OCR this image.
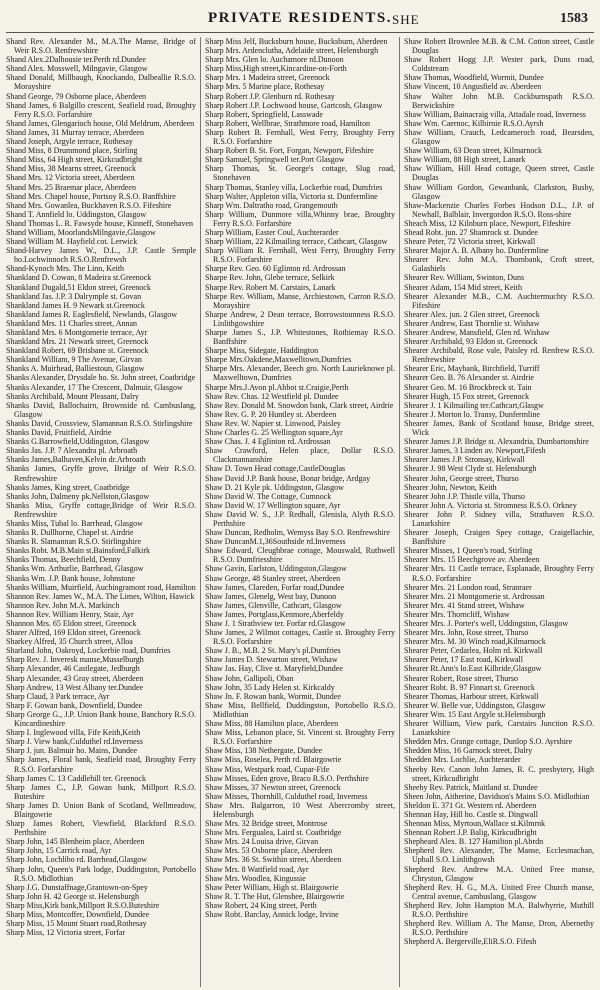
PRIVATE RESIDENTS. SHE	1583

Shand Rev. Alexander M., M.A.The Manse, Bridge of Weir R.S.O. Renfrewshire

Shand Alex.2Dalhousie ter.Perth rd.Dundee

Shand Alex. Mosswell, Milngavie, Glasgow

Shand Donald, Millbaugh, Knockando, Dalbeallie R.S.O. Morayshire

Shand George, 79 Osborne place, Aberdeen

Shand James, 6 Balgillo crescent, Seafield road, Broughty Ferry R.S.O. Forfarshire

Shand James, Glengarioch house, Old Meldrum, Aberdeen

Shand James, 31 Murray terrace, Aberdeen

Shand Joseph, Argyle terrace, Rothesay

Shand Miss, 8 Drummond place, Stirling

Shand Miss, 64 High street, Kirkcudbright

Shand Miss, 38 Mearns street, Greenock

Shand Mrs. 12 Victoria street, Aberdeen

Shand Mrs. 25 Braemar place, Aberdeen

Shand Mrs. Chapel house, Portsoy R.S.O. Banffshire

Shand Mrs. Gowanlea, Buckhaven R.S.O. Fifeshire

Shand T. Annfield lo. Uddingston, Glasgow

Shand Thomas L. R. Fawsyde house, Kinneff, Stonehaven

Shand William, MoorlandsMilngavie,Glasgow

Shand William M. Hayfield cot. Lerwick

Shand-Harvey James W., D.L., J.P. Castle Semple ho.Lochwinnoch R.S.O.Renfrewsh

Shand-Kynoch Mrs. The Linn, Keith

Shankland D. Cowan, 8 Madeira st.Greenock

Shankland Dugald,51 Eldon street, Greenock

Shankland Jas. J.P. 3 Dalrymple st. Govan

Shankland James H. 9 Newark st.Greenock

Shankland James R. Eaglesfield, Newlands, Glasgow

Shankland Mrs. 11 Charles street, Annan

Shankland Mrs. 6 Montgomerie terrace, Ayr

Shankland Mrs. 21 Newark street, Greenock

Shankland Robert, 69 Brisbane st. Greenock

Shankland William, 9 The Avenue, Girvan

Shanks A. Muirhead, Balliestoun, Glasgow

Shanks Alexander, Drysdale ho. St. John street, Coatbridge

Shanks Alexander, 17 The Crescent, Dalmuir, Glasgow

Shanks Archibald, Mount Pleasant, Dalry

Shanks David, Ballochairn, Brownside rd. Cambuslang, Glasgow

Shanks David, Crossview, Slamannan R.S.O. Stirlingshire

Shanks David, Fruitfield, Airdrie

Shanks G.Barrowfield,Uddingston, Glasgow

Shanks Jas. J.P. 7 Alexandra pl. Arbroath

Shanks James,Balhaven,Kelvin dr.Arbroath

Shanks James, Gryffe grove, Bridge of Weir R.S.O. Renfrewshire

Shanks James, King street, Coatbridge

Shanks John, Dalmeny pk.Nellston,Glasgow

Shanks Miss, Gryffe cottage,Bridge of Weir R.S.O. Renfrewshire

Shanks Miss, Tubal lo. Barrhead, Glasgow

Shanks R. Dullhorne, Chapel st. Airdrie

Shanks R. Slamannan R.S.O. Stirlingshire

Shanks Robt. M.B.Main st.Bainsford,Falkirk

Shanks Thomas, Beechfield, Denny

Shanks Wm. Arthurlie, Barrhead, Glasgow

Shanks Wm. J.P. Bank house, Johnstone

Shanks William, Muirfield, Auchingramont road, Hamilton

Shannon Rev. James W., M.A. The Limes, Wilton, Hawick

Shannon Rev. John M.A. Markinch

Shannon Rev. William Henry, Stair, Ayr

Shannon Mrs. 65 Eldon street, Greenock

Sharer Alfred, 169 Eldon street, Greenock

Sharkey Alfred, 35 Church street, Alloa

Sharland John, Oakroyd, Lockerbie road, Dumfries

Sharp Rev. J. Inveresk manse,Musselburgh

Sharp Alexander, 46 Castlegate, Jedburgh

Sharp Alexander, 43 Gray street, Aberdeen

Sharp Andrew, 13 West Albany ter.Dundee

Sharp Claud, 3 Park terrace, Ayr

Sharp F. Gowan bank, Downfield, Dundee

Sharp George G., J.P. Union Bank house, Banchory R.S.O. Kincardineshire

Sharp I. Inglewood villa, Fife Keith,Keith

Sharp J. View bank,Culduthel rd.Inverness

Sharp J. jun. Balmuir ho. Mains, Dundee

Sharp James, Floral bank, Seafield road, Broughty Ferry R.S.O. Forfarshire

Sharp James C. 13 Caddlehill ter. Greenock

Sharp James C., J.P. Gowan bank, Millport R.S.O. Buteshire

Sharp James D. Union Bank of Scotland, Wellmeadow, Blairgowrie

Sharp James Robert, Viewfield, Blackford R.S.O. Perthshire

Sharp John, 145 Blenheim place, Aberdeen

Sharp John, 15 Carrick road, Ayr

Sharp John, Lochlibo rd. Barrhead,Glasgow

Sharp John, Queen's Park lodge, Duddingston, Portobello R.S.O. Midlothian

Sharp J.G. Dunstaffnage,Grantown-on-Spey

Sharp John H. 42 George st. Helensburgh

Sharp Miss,Kirk bank,Millport R.S.O.Buteshire

Sharp Miss, Montcoffer, Downfield, Dundee

Sharp Miss, 15 Mount Stuart road,Rothesay

Sharp Miss, 12 Victoria street, Forfar

Sharp Miss Jelf, Bucksburn house, Bucksburn, Aberdeen

Sharp Mrs. Ardenclutha, Adelaide street, Helensburgh

Sharp Mrs. Glen lo. Auchamore rd.Dunoon

Sharp Miss,High street,Kincardine-on-Forth

Sharp Mrs. 1 Madeira street, Greenock

Sharp Mrs. 5 Marine place, Rothesay

Sharp Robert J.P. Glenburn rd. Rothesay

Sharp Robert J.P. Lochwood house, Gartcosh, Glasgow

Sharp Robert, Springfield, Lasswade

Sharp Robert, Wellbrae, Strathmore road, Hamilton

Sharp Robert B. Fernhall, West Ferry, Broughty Ferry R.S.O. Forfarshire

Sharp Robert B. St. Fort, Forgan, Newport, Fifeshire

Sharp Samuel, Springwell ter.Port Glasgow

Sharp Thomas, St. George's cottage, Slug road, Stonehaven

Sharp Thomas, Stanley villa, Lockerbie road, Dumfries

Sharp Walter, Appleton villa, Victoria st. Dunfermline

Sharp Wm. Daltratho road, Grangemouth

Sharp William, Dunmore villa,Whinny brae, Broughty Ferry R.S.O. Forfarshire

Sharp William, Easter Coul, Auchterarder

Sharp William, 22 Kilmailing terrace, Cathcart, Glasgow

Sharp William R. Fernhall, West Ferry, Broughty Ferry R.S.O. Forfarshire

Sharpe Rev. Geo. 60 Eglinton rd. Ardrossan

Sharpe Rev. John, Glebe terrace, Selkirk

Sharpe Rev. Robert M. Carstairs, Lanark

Sharpe Rev. William, Manse, Archiestown, Carron R.S.O. Morayshire

Sharpe Andrew, 2 Dean terrace, Borrowstounness R.S.O. Linlithgowshire

Sharpe James S., J.P. Whitestones, Rothiemay R.S.O. Banffshire

Sharpe Miss, Sidegate, Haddington

Sharpe Mrs.Oakdene,Maxwelltown,Dumfries

Sharpe Mrs. Alexander, Beech gro. North Laurieknowe pl. Maxwelltown, Dumfries

Sharpe Mrs.J.Avon pl.Abbot st.Craigie,Perth

Shaw Rev. Chas. 12 Westfield pl. Dundee

Shaw Rev. Donald M. Snowdon bank, Clark street, Airdrie

Shaw Rev. G. P. 20 Huntley st. Aberdeen

Shaw Rev. W. Napier st. Linwood, Paisley

Shaw Charles G. 25 Wellington square,Ayr

Shaw Chas. J. 4 Eglinton rd. Ardrossan

Shaw Crawford, Helen place, Dollar R.S.O. Clackmannanshire

Shaw D. Town Head cottage,CastleDouglas

Shaw David J.P. Bank house, Bonar bridge, Ardgay

Shaw D. 21 Kyle pk. Uddingston, Glasgow

Shaw David W. The Cottage, Cumnock

Shaw David W. 17 Wellington square, Ayr

Shaw David W. S., J.P. Redhall, Glenisla, Alyth R.S.O. Perthshire

Shaw Duncan, Redholm, Wemyss Bay S.O. Renfrewshire

Shaw DuncanM.1,36Southside rd.Inverness

Shaw Edward, Cleughbrae cottage, Mouswald, Ruthwell R.S.O. Dumfriesshire

Shaw Gavin, Earlston, Uddingston,Glasgow

Shaw George, 48 Stanley street, Aberdeen

Shaw James, Clareden, Forfar road,Dundee

Shaw James, Glenelg, West bay, Dunoon

Shaw James, Glenville, Cathcart, Glasgow

Shaw James, Portglass,Kenmore,Aberfeldy

Shaw J. 1 Strathview ter. Forfar rd.Glasgow

Shaw James, 2 Wilmot cottages, Castle st. Broughty Ferry R.S.O. Forfarshire

Shaw J. B., M.B. 2 St. Mary's pl.Dumfries

Shaw James D. Stewarton street, Wishaw

Shaw Jas. Hay, Clive st. Maryfield,Dundee

Shaw John, Gallipoli, Oban

Shaw John, 35 Lady Helen st. Kirkcaldy

Shaw Jn. F. Rowan bank, Wormit, Dundee

Shaw Miss, Bellfield, Duddingston, Portobello R.S.O. Midlothian

Shaw Miss, 88 Hamilton place, Aberdeen

Shaw Miss, Lebanon place, St. Vincent st. Broughty Ferry R.S.O. Forfarshire

Shaw Miss, 138 Nethergate, Dundee

Shaw Miss, Roselea, Perth rd. Blairgowrie

Shaw Miss, Westpark road, Cupar-Fife

Shaw Misses, Eden grove, Braco R.S.O. Perthshire

Shaw Misses, 37 Newton street, Greenock

Shaw Misses, Thornhill, Culduthel road, Inverness

Shaw Mrs. Balgarron, 10 West Abercromby street, Helensburgh

Shaw Mrs. 32 Bridge street, Montrose

Shaw Mrs. Fergualea, Laird st. Coatbridge

Shaw Mrs. 24 Louisa drive, Girvan

Shaw Mrs. 53 Osborne place, Aberdeen

Shaw Mrs. 36 St. Swithin street, Aberdeen

Shaw Mrs. 8 Wattfield road, Ayr

Shaw Mrs. Woodlea, Kingussie

Shaw Peter William, High st. Blairgowrie

Shaw R. T. The Hut, Glenshee, Blairgowrie

Shaw Robert, 24 King street, Perth

Shaw Robt. Barclay, Annick lodge, Irvine

Shaw Robert Brownlee M.B. & C.M. Cotton street, Castle Douglas

Shaw Robert Hogg J.P. Wester park, Duns road, Coldstream

Shaw Thomas, Woodfield, Wormit, Dundee

Shaw Vincent, 10 Angusfield av. Aberdeen

Shaw Walter John M.B. Cockburnspath R.S.O. Berwickshire

Shaw William, Bainacraig villa, Attadale road, Inverness

Shaw Wm. Caernoc, Kilbirnie R.S.O.Ayrsh

Shaw William, Crauch, Ledcameroch road, Bearsden, Glasgow

Shaw William, 63 Dean street, Kilmarnock

Shaw William, 88 High street, Lanark

Shaw William, Hill Head cottage, Queen street, Castle Douglas

Shaw William Gordon, Gewanbank, Clarkston, Busby, Glasgow

Shaw-Mackenzie Charles Forbes Hodson D.L., J.P. of Newhall, Balblair, Invergordon R.S.O. Ross-shire

Sheach Miss, 12 Kilnburn place, Newport, Fifeshire

Shead Robt. jun. 27 Shamrock st. Dundee

Sheare Peter, 72 Victoria street, Kirkwall

Shearer Major A. B. Albany ho. Dunfermline

Shearer Rev. John M.A. Thornbank, Croft street, Galashiels

Shearer Rev. William, Swinton, Duns

Shearer Adam, 154 Mid street, Keith

Shearer Alexander M.B., C.M. Auchtermuchty R.S.O. Fifeshire

Shearer Alex. jun. 2 Glen street, Greenock

Shearer Andrew, East Thornlie st. Wishaw

Shearer Andrew, Mansfield, Glen rd. Wishaw

Shearer Archibald, 93 Eldon st. Greenock

Shearer Archibald, Rose vale, Paisley rd. Renfrew R.S.O. Renfrewshire

Shearer Eric, Maybank, Birchfield, Turriff

Shearer Geo. B. 76 Alexander st. Airdrie

Shearer Geo. M. 16 Brockbreck st. Tain

Shearer Hugh, 15 Fox street, Greenock

Shearer J. 1 Kilmailing ter.Cathcart,Glasgw

Shearer J. Morton lo. Transy, Dunfermline

Shearer James, Bank of Scotland house, Bridge street, Wick

Shearer James J.P. Bridge st. Alexandria, Dumbartonshire

Shearer James, 3 Linden av. Newport,Fifesh

Shearer James J.P. Stronsay, Kirkwall

Shearer J. 98 West Clyde st. Helensburgh

Shearer John, George street, Thurso

Shearer John, Newton, Keith

Shearer John J.P. Thistle villa, Thurso

Shearer John A. Victoria st. Stromness R.S.O. Orkney

Shearer John P. Sidney villa, Strathaven R.S.O. Lanarkshire

Shearer Joseph, Craigen Spey cottage, Craigellachie, Banffshire

Shearer Misses, 1 Queen's road, Stirling

Shearer Mrs. 15 Beechgrove av. Aberdeen

Shearer Mrs. 11 Castle terrace, Esplanade, Broughty Ferry R.S.O. Forfarshire

Shearer Mrs. 21 London road, Stranraer

Shearer Mrs. 21 Montgomerie st. Ardrossan

Shearer Mrs. 41 Stand street, Wishaw

Shearer Mrs. Thorncliff, Wishaw

Shearer Mrs. J. Porter's well, Uddingston, Glasgow

Shearer Mrs. John, Rose street, Thurso

Shearer Mrs. M. 30 Winch road,Kilmarnock

Shearer Peter, Cedarlea, Holm rd. Kirkwall

Shearer Peter, 17 East road, Kirkwall

Shearer Rt.Ann's lo.East Kilbride,Glasgow

Shearer Robert, Rose street, Thurso

Shearer Robt. B. 97 Finnart st. Greenock

Shearer Thomas, Harbour street, Kirkwall

Shearer W. Belle vue, Uddingston, Glasgow

Shearer Wm. 15 East Argyle st.Helensburgh

Shearer William, View park, Carstairs Junction R.S.O. Lanarkshire

Shedden Mrs. Grange cottage, Dunlop S.O. Ayrshire

Shedden Miss, 16 Garnock street, Dalry

Shedden Mrs. Lochlie, Auchterarder

Sheeby Rev. Canon John James, R. C. presbytery, High street, Kirkcudbright

Sheehy Rev. Patrick, Maitland st. Dundee

Sheen John, Aitherine, Davidson's Mains S.O. Midlothian

Sheldon E. 371 Gt. Western rd. Aberdeen

Shennan Hay, Hill ho. Castle st. Dingwall

Shennan Miss, Myrtoun,Wallace st.Kilmrnk

Shennan Robert J.P. Balig, Kirkcudbright

Shepheard Alex. B. 127 Hamilton pl.Abrdn

Shepherd Rev. Alexander, The Manse, Ecclesmachan, Uphall S.O. Linlithgowsh

Shepherd Rev. Andrew M.A. United Free manse, Chryston, Glasgow

Shepherd Rev. H. G., M.A. United Free Church manse, Central avenue, Cambuslang, Glasgow

Shepherd Rev. John Hampton M.A. Balwhyrrie, Muthill R.S.O. Perthshire

Shepherd Rev. William A. The Manse, Dron, Abernethy R.S.O. Perthshire

Shepherd A. Bergerville,EliR.S.O. Fifesh
